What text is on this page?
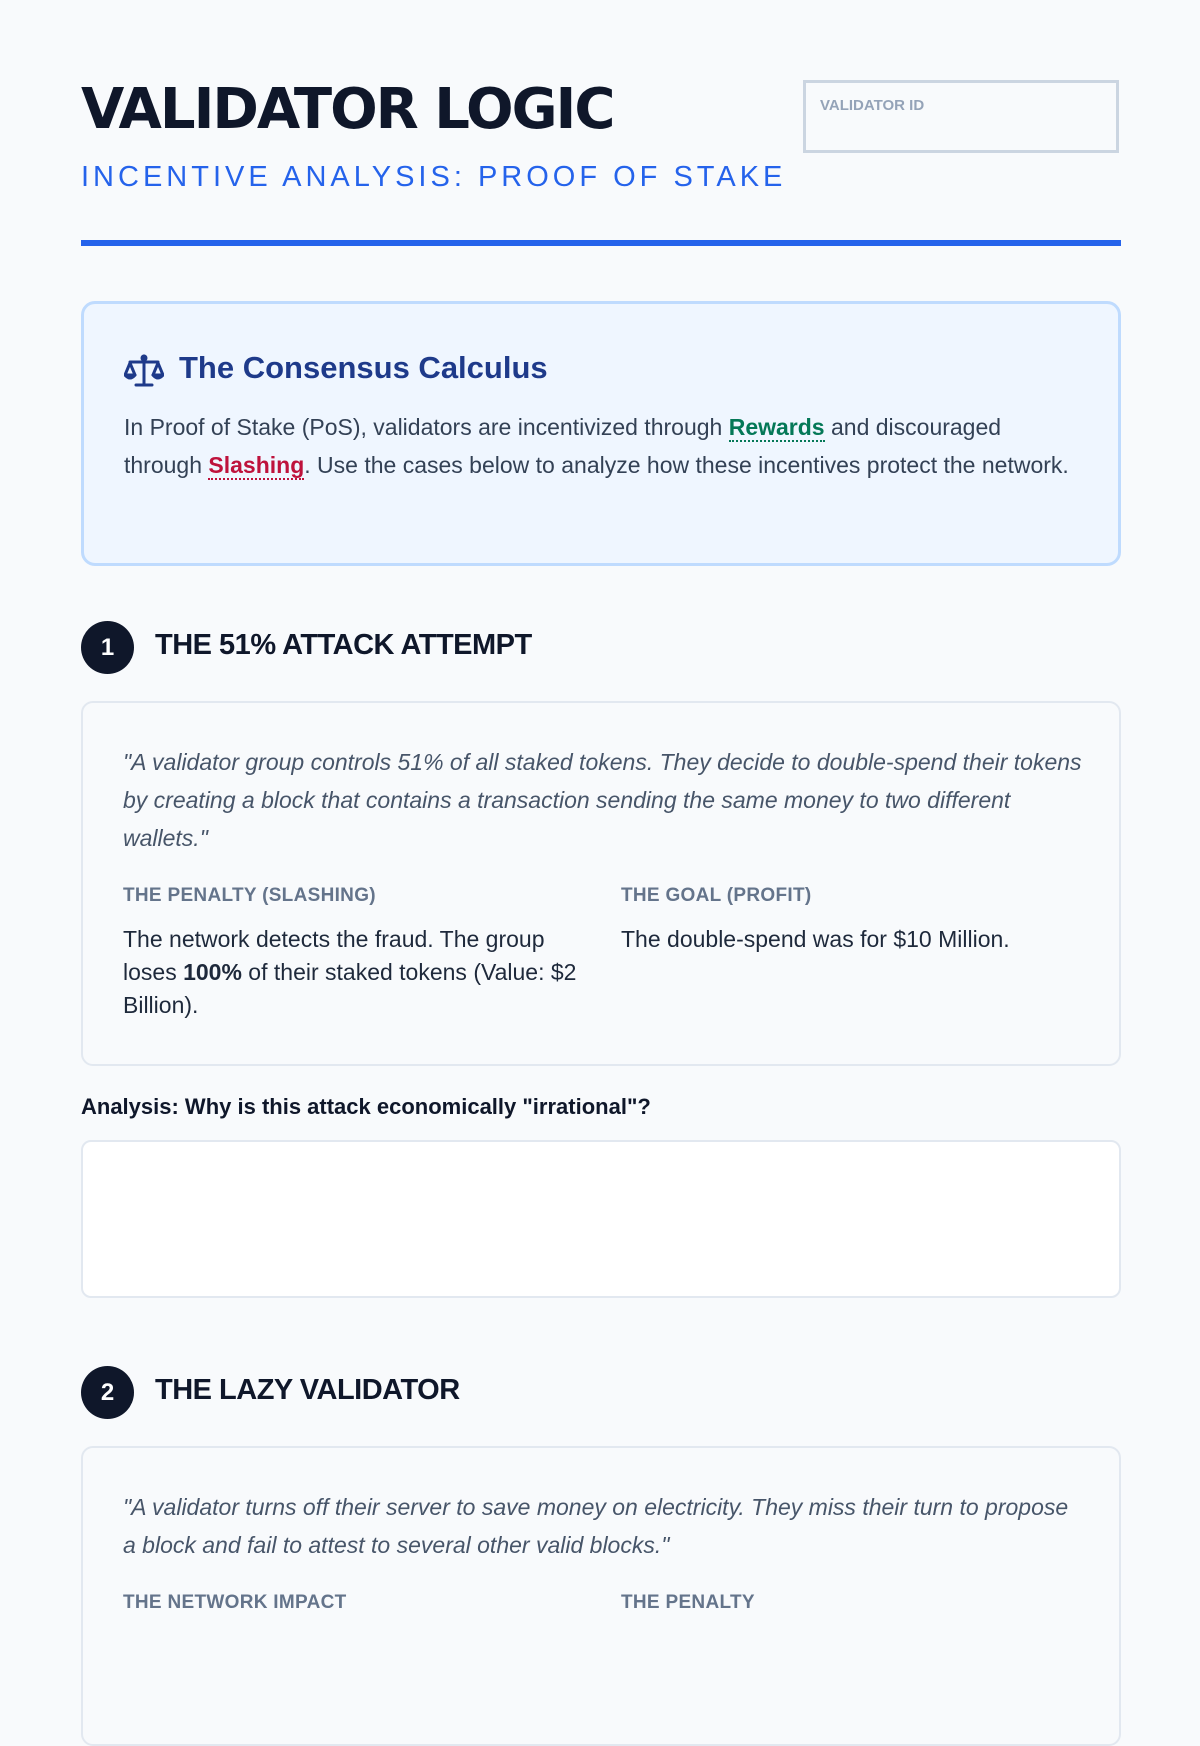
VALIDATOR LOGIC
INCENTIVE ANALYSIS: PROOF OF STAKE
VALIDATOR ID
The Consensus Calculus
In Proof of Stake (PoS), validators are incentivized through Rewards and discouraged through Slashing. Use the cases below to analyze how these incentives protect the network.
1	THE 51% ATTACK ATTEMPT

"A validator group controls 51% of all staked tokens. They decide to double-spend their tokens by creating a block that contains a transaction sending the same money to two different wallets."

THE PENALTY (SLASHING)
The network detects the fraud. The group loses 100% of their staked tokens (Value: $2 Billion).
THE GOAL (PROFIT)
The double-spend was for $10 Million.
Analysis: Why is this attack economically "irrational"?
2	THE LAZY VALIDATOR

"A validator turns off their server to save money on electricity. They miss their turn to propose a block and fail to attest to several other valid blocks."

THE NETWORK IMPACT	THE PENALTY
